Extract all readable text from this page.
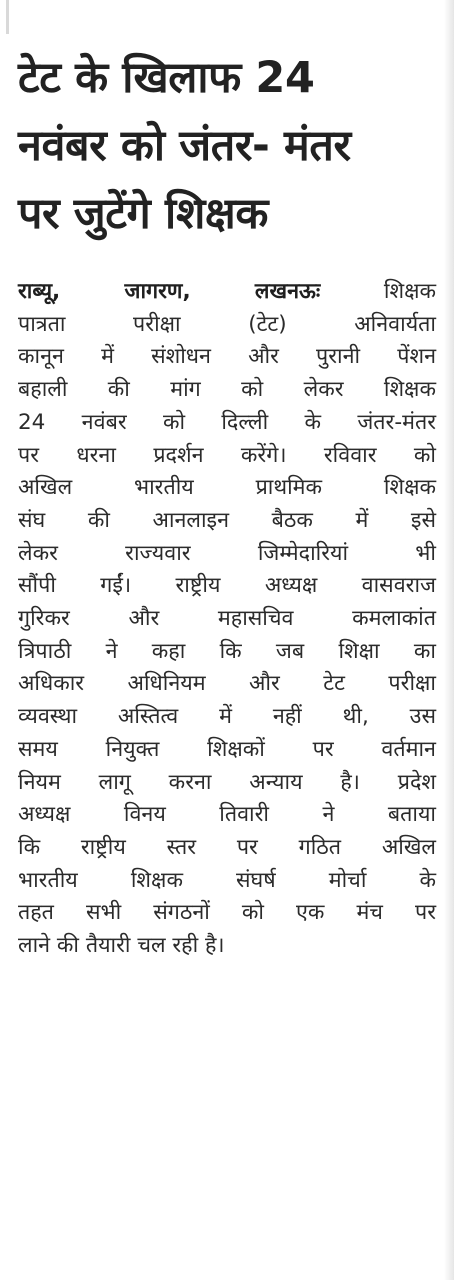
टेट के खिलाफ 24
नवंबर को जंतर- मंतर
पर जुटेंगे शिक्षक
राब्यू, जागरण, लखनऊः	शिक्षक
पात्रता परीक्षा (टेट) अनिवार्यता
कानून में संशोधन और पुरानी पेंशन
बहाली की मांग को लेकर शिक्षक
24 नवंबर को दिल्ली के जंतर-मंतर
पर धरना प्रदर्शन करेंगे। रविवार को
अखिल भारतीय प्राथमिक शिक्षक
संघ की आनलाइन बैठक में इसे
लेकर राज्यवार जिम्मेदारियां भी
सौंपी गईं। राष्ट्रीय अध्यक्ष वासवराज
गुरिकर और महासचिव कमलाकांत
त्रिपाठी ने कहा कि जब शिक्षा का
अधिकार अधिनियम और टेट परीक्षा
व्यवस्था अस्तित्व में नहीं थी, उस
समय नियुक्त शिक्षकों पर वर्तमान
नियम लागू करना अन्याय है। प्रदेश
अध्यक्ष विनय तिवारी ने बताया
कि राष्ट्रीय स्तर पर गठित अखिल
भारतीय शिक्षक संघर्ष मोर्चा के
तहत सभी संगठनों को एक मंच पर
लाने की तैयारी चल रही है।
